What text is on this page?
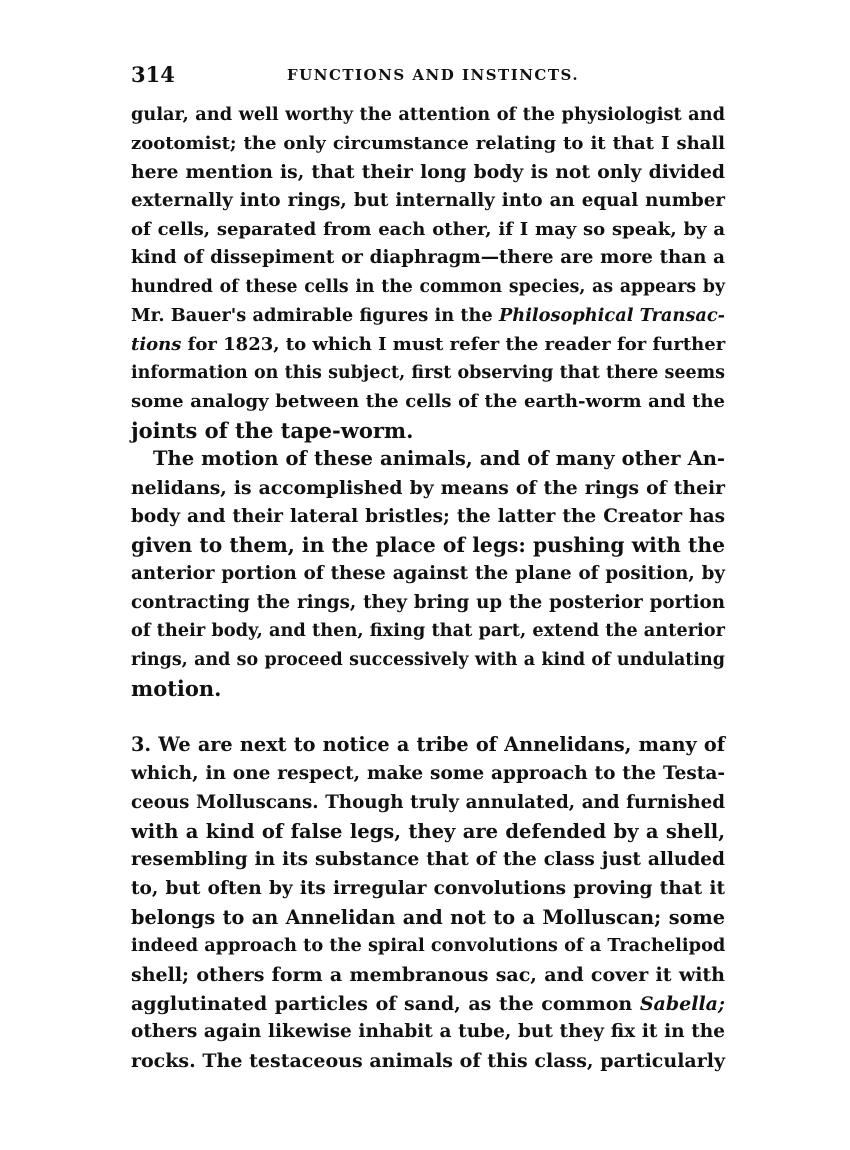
314	FUNCTIONS AND INSTINCTS.
gular, and well worthy the attention of the physiologist and
zootomist; the only circumstance relating to it that I shall
here mention is, that their long body is not only divided
externally into rings, but internally into an equal number
of cells, separated from each other, if I may so speak, by a
kind of dissepiment or diaphragm—there are more than a
hundred of these cells in the common species, as appears by
Mr. Bauer's admirable figures in the Philosophical Transac-
tions for 1823, to which I must refer the reader for further
information on this subject, first observing that there seems
some analogy between the cells of the earth-worm and the
joints of the tape-worm.
The motion of these animals, and of many other An-
nelidans, is accomplished by means of the rings of their
body and their lateral bristles; the latter the Creator has
given to them, in the place of legs: pushing with the
anterior portion of these against the plane of position, by
contracting the rings, they bring up the posterior portion
of their body, and then, fixing that part, extend the anterior
rings, and so proceed successively with a kind of undulating
motion.
3. We are next to notice a tribe of Annelidans, many of
which, in one respect, make some approach to the Testa-
ceous Molluscans. Though truly annulated, and furnished
with a kind of false legs, they are defended by a shell,
resembling in its substance that of the class just alluded
to, but often by its irregular convolutions proving that it
belongs to an Annelidan and not to a Molluscan; some
indeed approach to the spiral convolutions of a Trachelipod
shell; others form a membranous sac, and cover it with
agglutinated particles of sand, as the common Sabella;
others again likewise inhabit a tube, but they fix it in the
rocks. The testaceous animals of this class, particularly
